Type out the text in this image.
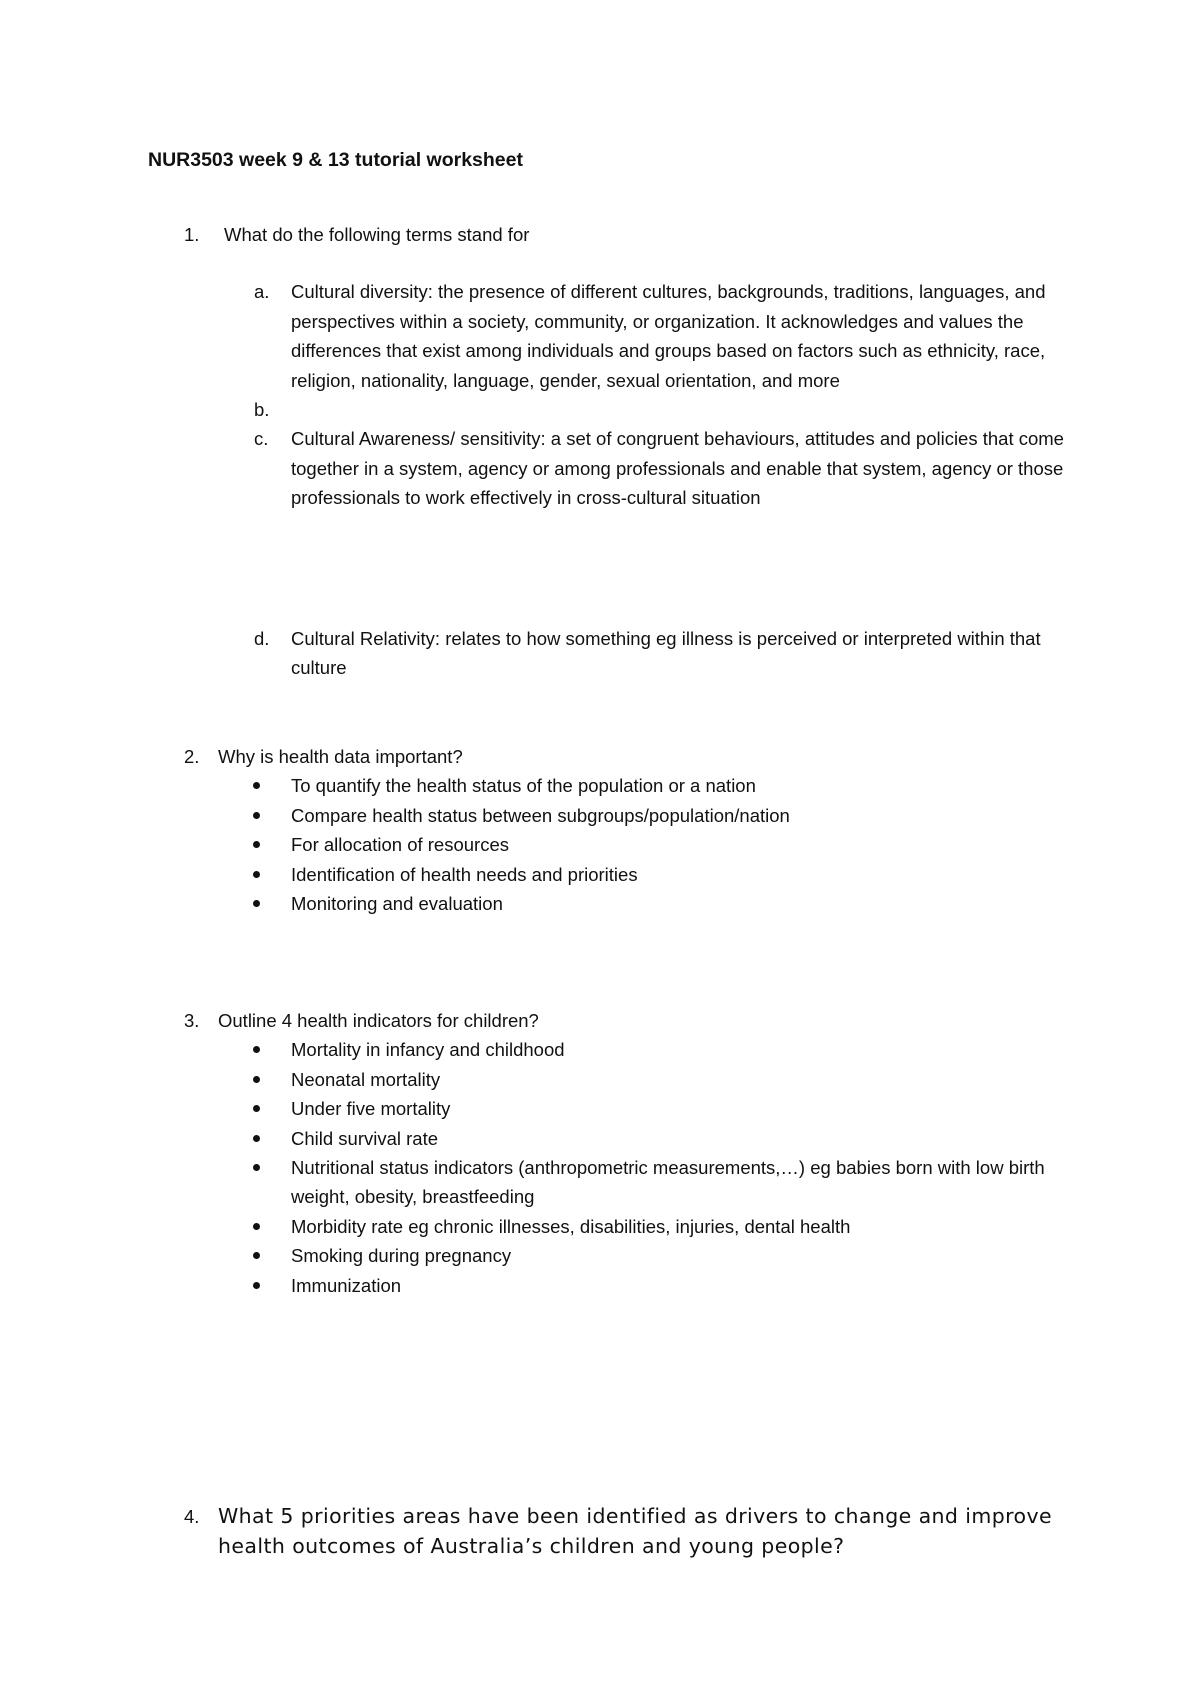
NUR3503 week 9 & 13 tutorial worksheet
1. What do the following terms stand for
a. Cultural diversity: the presence of different cultures, backgrounds, traditions, languages, and perspectives within a society, community, or organization. It acknowledges and values the differences that exist among individuals and groups based on factors such as ethnicity, race, religion, nationality, language, gender, sexual orientation, and more
b.
c. Cultural Awareness/ sensitivity: a set of congruent behaviours, attitudes and policies that come together in a system, agency or among professionals and enable that system, agency or those professionals to work effectively in cross-cultural situation
d. Cultural Relativity: relates to how something eg illness is perceived or interpreted within that culture
2. Why is health data important?
To quantify the health status of the population or a nation
Compare health status between subgroups/population/nation
For allocation of resources
Identification of health needs and priorities
Monitoring and evaluation
3. Outline 4 health indicators for children?
Mortality in infancy and childhood
Neonatal mortality
Under five mortality
Child survival rate
Nutritional status indicators (anthropometric measurements,…) eg babies born with low birth weight, obesity, breastfeeding
Morbidity rate eg chronic illnesses, disabilities, injuries, dental health
Smoking during pregnancy
Immunization
4. What 5 priorities areas have been identified as drivers to change and improve health outcomes of Australia’s children and young people?
